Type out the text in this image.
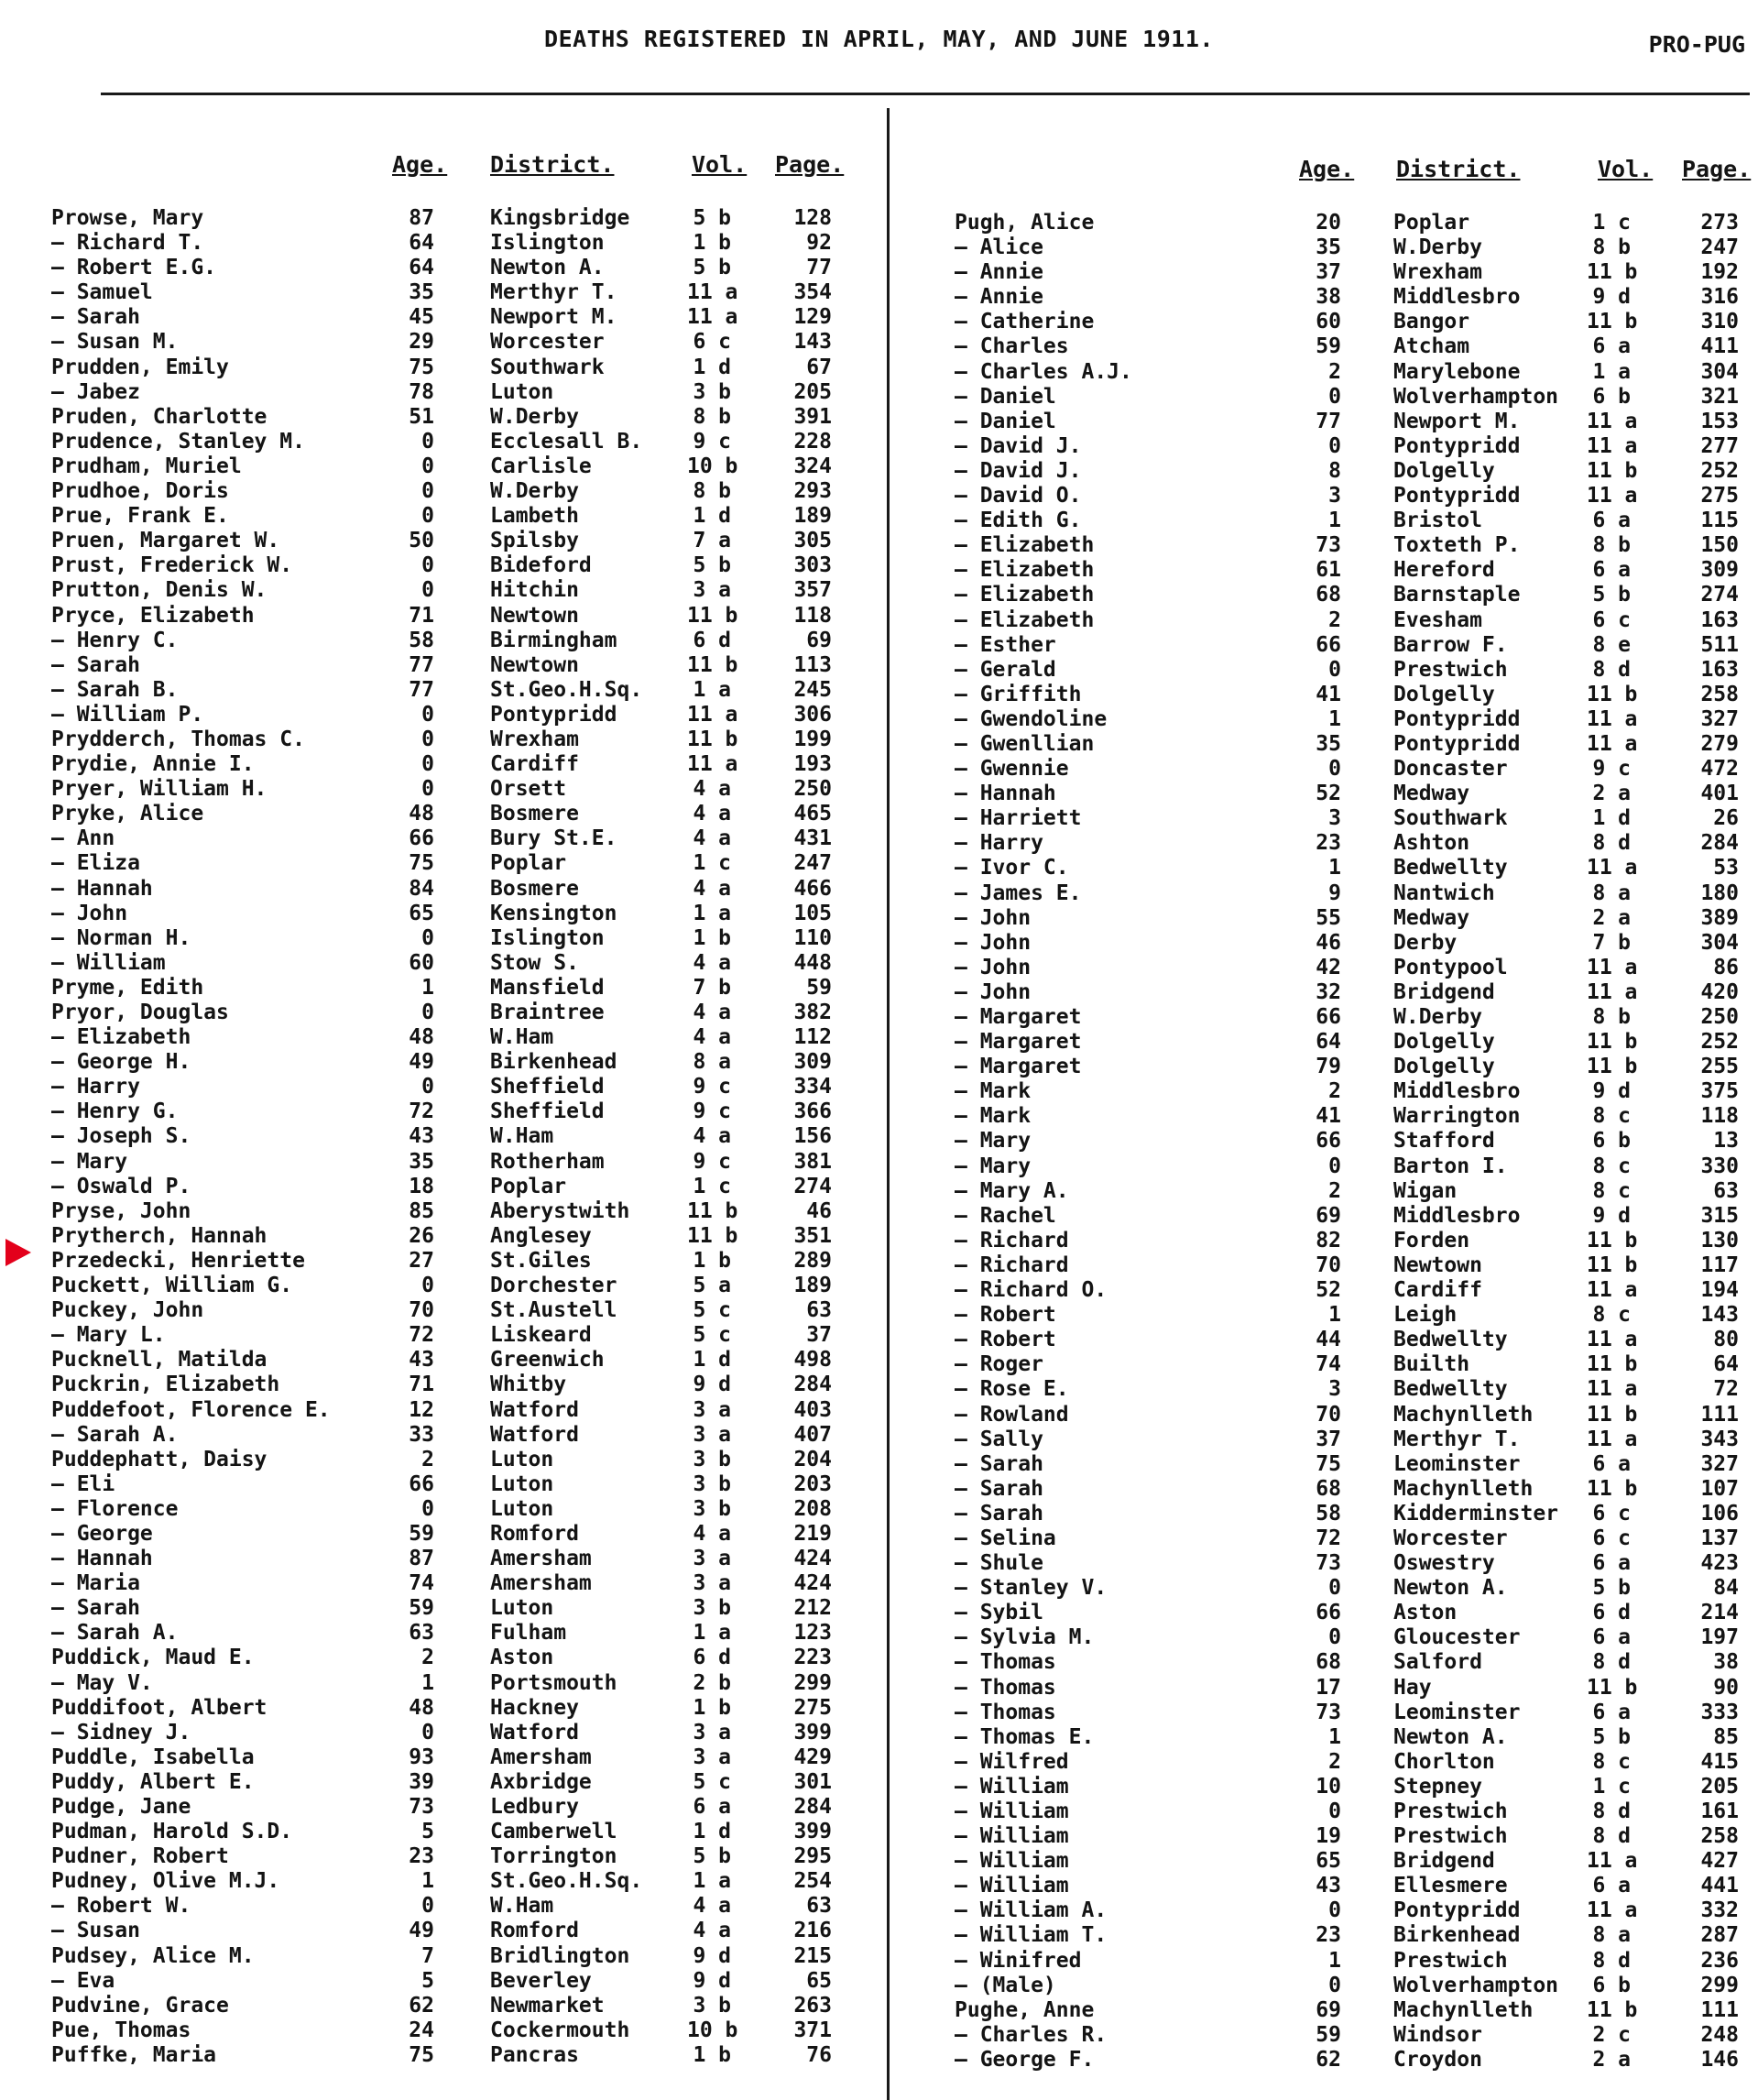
DEATHS REGISTERED IN APRIL, MAY, AND JUNE 1911.	PRO-PUG
Age. District.	Vol. Page.
Prowse, Mary	87	Kingsbridge	5 b	128
— Richard T.	64	Islington	1 b	92
— Robert E.G.	64	Newton A.	5 b	77
— Samuel	35	Merthyr T.	11 a	354
— Sarah	45	Newport M.	11 a	129
— Susan M.	29	Worcester	6 c	143
Prudden, Emily	75	Southwark	1 d	67
— Jabez	78	Luton	3 b	205
Pruden, Charlotte	51	W.Derby	8 b	391
Prudence, Stanley M.	0	Ecclesall B. 9 c	228
Prudham, Muriel	0	Carlisle	10 b	324
Prudhoe, Doris	0	W.Derby	8 b	293
Prue, Frank E.	0	Lambeth	1 d	189
Pruen, Margaret W.	50	Spilsby	7 a	305
Prust, Frederick W.	0	Bideford	5 b	303
Prutton, Denis W.	0	Hitchin	3 a	357
Pryce, Elizabeth	71	Newtown	11 b	118
— Henry C.	58	Birmingham	6 d	69
— Sarah	77	Newtown	11 b	113
— Sarah B.	77	St.Geo.H.Sq. 1 a	245
— William P.	0	Pontypridd	11 a	306
Prydderch, Thomas C.	0	Wrexham	11 b	199
Prydie, Annie I.	0	Cardiff	11 a	193
Pryer, William H.	0	Orsett	4 a	250
Pryke, Alice	48	Bosmere	4 a	465
— Ann	66	Bury St.E.	4 a	431
— Eliza	75	Poplar	1 c	247
— Hannah	84	Bosmere	4 a	466
— John	65	Kensington	1 a	105
— Norman H.	0	Islington	1 b	110
— William	60	Stow S.	4 a	448
Pryme, Edith	1	Mansfield	7 b	59
Pryor, Douglas	0	Braintree	4 a	382
— Elizabeth	48	W.Ham	4 a	112
— George H.	49	Birkenhead	8 a	309
— Harry	0	Sheffield	9 c	334
— Henry G.	72	Sheffield	9 c	366
— Joseph S.	43	W.Ham	4 a	156
— Mary	35	Rotherham	9 c	381
— Oswald P.	18	Poplar	1 c	274
Pryse, John	85	Aberystwith	11 b	46
Prytherch, Hannah	26	Anglesey	11 b	351
Przedecki, Henriette	27	St.Giles	1 b	289
Puckett, William G.	0	Dorchester	5 a	189
Puckey, John	70	St.Austell	5 c	63
— Mary L.	72	Liskeard	5 c	37
Pucknell, Matilda	43	Greenwich	1 d	498
Puckrin, Elizabeth	71	Whitby	9 d	284
Puddefoot, Florence E.	12	Watford	3 a	403
— Sarah A.	33	Watford	3 a	407
Puddephatt, Daisy	2	Luton	3 b	204
— Eli	66	Luton	3 b	203
— Florence	0	Luton	3 b	208
— George	59	Romford	4 a	219
— Hannah	87	Amersham	3 a	424
— Maria	74	Amersham	3 a	424
— Sarah	59	Luton	3 b	212
— Sarah A.	63	Fulham	1 a	123
Puddick, Maud E.	2	Aston	6 d	223
— May V.	1	Portsmouth	2 b	299
Puddifoot, Albert	48	Hackney	1 b	275
— Sidney J.	0	Watford	3 a	399
Puddle, Isabella	93	Amersham	3 a	429
Puddy, Albert E.	39	Axbridge	5 c	301
Pudge, Jane	73	Ledbury	6 a	284
Pudman, Harold S.D.	5	Camberwell	1 d	399
Pudner, Robert	23	Torrington	5 b	295
Pudney, Olive M.J.	1	St.Geo.H.Sq. 1 a	254
— Robert W.	0	W.Ham	4 a	63
— Susan	49	Romford	4 a	216
Pudsey, Alice M.	7	Bridlington	9 d	215
— Eva	5	Beverley	9 d	65
Pudvine, Grace	62	Newmarket	3 b	263
Pue, Thomas	24	Cockermouth	10 b	371
Puffke, Maria	75	Pancras	1 b	76
Age. District.	Vol. Page.
Pugh, Alice	20 Poplar	1 c	273
— Alice	35 W.Derby	8 b	247
— Annie	37 Wrexham	11 b	192
— Annie	38 Middlesbro	9 d	316
— Catherine	60 Bangor	11 b	310
— Charles	59 Atcham	6 a	411
— Charles A.J.	2 Marylebone	1 a	304
— Daniel	0 Wolverhampton 6 b	321
— Daniel	77 Newport M.	11 a	153
— David J.	0 Pontypridd	11 a	277
— David J.	8 Dolgelly	11 b	252
— David O.	3 Pontypridd	11 a	275
— Edith G.	1 Bristol	6 a	115
— Elizabeth	73 Toxteth P.	8 b	150
— Elizabeth	61 Hereford	6 a	309
— Elizabeth	68 Barnstaple	5 b	274
— Elizabeth	2 Evesham	6 c	163
— Esther	66 Barrow F.	8 e	511
— Gerald	0 Prestwich	8 d	163
— Griffith	41 Dolgelly	11 b	258
— Gwendoline	1 Pontypridd	11 a	327
— Gwenllian	35 Pontypridd	11 a	279
— Gwennie	0 Doncaster	9 c	472
— Hannah	52 Medway	2 a	401
— Harriett	3 Southwark	1 d	26
— Harry	23 Ashton	8 d	284
— Ivor C.	1 Bedwellty	11 a	53
— James E.	9 Nantwich	8 a	180
— John	55 Medway	2 a	389
— John	46 Derby	7 b	304
— John	42 Pontypool	11 a	86
— John	32 Bridgend	11 a	420
— Margaret	66 W.Derby	8 b	250
— Margaret	64 Dolgelly	11 b	252
— Margaret	79 Dolgelly	11 b	255
— Mark	2 Middlesbro	9 d	375
— Mark	41 Warrington	8 c	118
— Mary	66 Stafford	6 b	13
— Mary	0 Barton I.	8 c	330
— Mary A.	2 Wigan	8 c	63
— Rachel	69 Middlesbro	9 d	315
— Richard	82 Forden	11 b	130
— Richard	70 Newtown	11 b	117
— Richard O.	52 Cardiff	11 a	194
— Robert	1 Leigh	8 c	143
— Robert	44 Bedwellty	11 a	80
— Roger	74 Builth	11 b	64
— Rose E.	3 Bedwellty	11 a	72
— Rowland	70 Machynlleth	11 b	111
— Sally	37 Merthyr T.	11 a	343
— Sarah	75 Leominster	6 a	327
— Sarah	68 Machynlleth	11 b	107
— Sarah	58 Kidderminster 6 c	106
— Selina	72 Worcester	6 c	137
— Shule	73 Oswestry	6 a	423
— Stanley V.	0 Newton A.	5 b	84
— Sybil	66 Aston	6 d	214
— Sylvia M.	0 Gloucester	6 a	197
— Thomas	68 Salford	8 d	38
— Thomas	17 Hay	11 b	90
— Thomas	73 Leominster	6 a	333
— Thomas E.	1 Newton A.	5 b	85
— Wilfred	2 Chorlton	8 c	415
— William	10 Stepney	1 c	205
— William	0 Prestwich	8 d	161
— William	19 Prestwich	8 d	258
— William	65 Bridgend	11 a	427
— William	43 Ellesmere	6 a	441
— William A.	0 Pontypridd	11 a	332
— William T.	23 Birkenhead	8 a	287
— Winifred	1 Prestwich	8 d	236
— (Male)	0 Wolverhampton 6 b	299
Pughe, Anne	69 Machynlleth	11 b	111
— Charles R.	59 Windsor	2 c	248
— George F.	62 Croydon	2 a	146
